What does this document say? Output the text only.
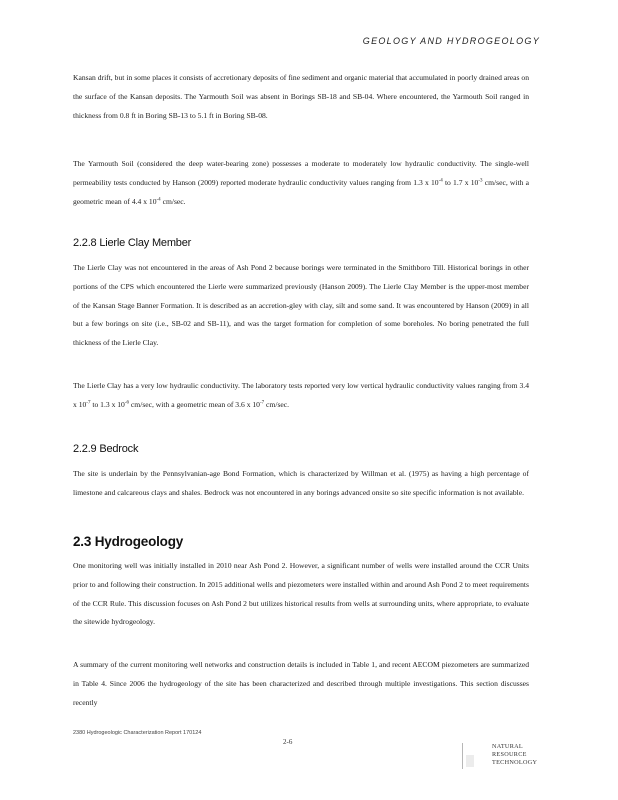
GEOLOGY AND HYDROGEOLOGY

Kansan drift, but in some places it consists of accretionary deposits of fine sediment and organic material that accumulated in poorly drained areas on the surface of the Kansan deposits. The Yarmouth Soil was absent in Borings SB-18 and SB-04. Where encountered, the Yarmouth Soil ranged in thickness from 0.8 ft in Boring SB-13 to 5.1 ft in Boring SB-08.

The Yarmouth Soil (considered the deep water-bearing zone) possesses a moderate to moderately low hydraulic conductivity. The single-well permeability tests conducted by Hanson (2009) reported moderate hydraulic conductivity values ranging from 1.3 x $10^{-4}$ to 1.7 x $10^{-3}$ cm/sec, with a geometric mean of 4.4 x $10^{-4}$ cm/sec.

2.2.8 Lierle Clay Member

The Lierle Clay was not encountered in the areas of Ash Pond 2 because borings were terminated in the Smithboro Till. Historical borings in other portions of the CPS which encountered the Lierle were summarized previously (Hanson 2009). The Lierle Clay Member is the upper-most member of the Kansan Stage Banner Formation. It is described as an accretion-gley with clay, silt and some sand. It was encountered by Hanson (2009) in all but a few borings on site (i.e., SB-02 and SB-11), and was the target formation for completion of some boreholes. No boring penetrated the full thickness of the Lierle Clay.

The Lierle Clay has a very low hydraulic conductivity. The laboratory tests reported very low vertical hydraulic conductivity values ranging from 3.4 x $10^{-7}$ to 1.3 x $10^{-6}$ cm/sec, with a geometric mean of 3.6 x $10^{-7}$ cm/sec.

2.2.9 Bedrock

The site is underlain by the Pennsylvanian-age Bond Formation, which is characterized by Willman et al. (1975) as having a high percentage of limestone and calcareous clays and shales. Bedrock was not encountered in any borings advanced onsite so site specific information is not available.

2.3 Hydrogeology

One monitoring well was initially installed in 2010 near Ash Pond 2. However, a significant number of wells were installed around the CCR Units prior to and following their construction. In 2015 additional wells and piezometers were installed within and around Ash Pond 2 to meet requirements of the CCR Rule. This discussion focuses on Ash Pond 2 but utilizes historical results from wells at surrounding units, where appropriate, to evaluate the sitewide hydrogeology.

A summary of the current monitoring well networks and construction details is included in Table 1, and recent AECOM piezometers are summarized in Table 4. Since 2006 the hydrogeology of the site has been characterized and described through multiple investigations. This section discusses recently

2380 Hydrogeologic Characterization Report 170124
2-6
NATURAL
RESOURCE
TECHNOLOGY
